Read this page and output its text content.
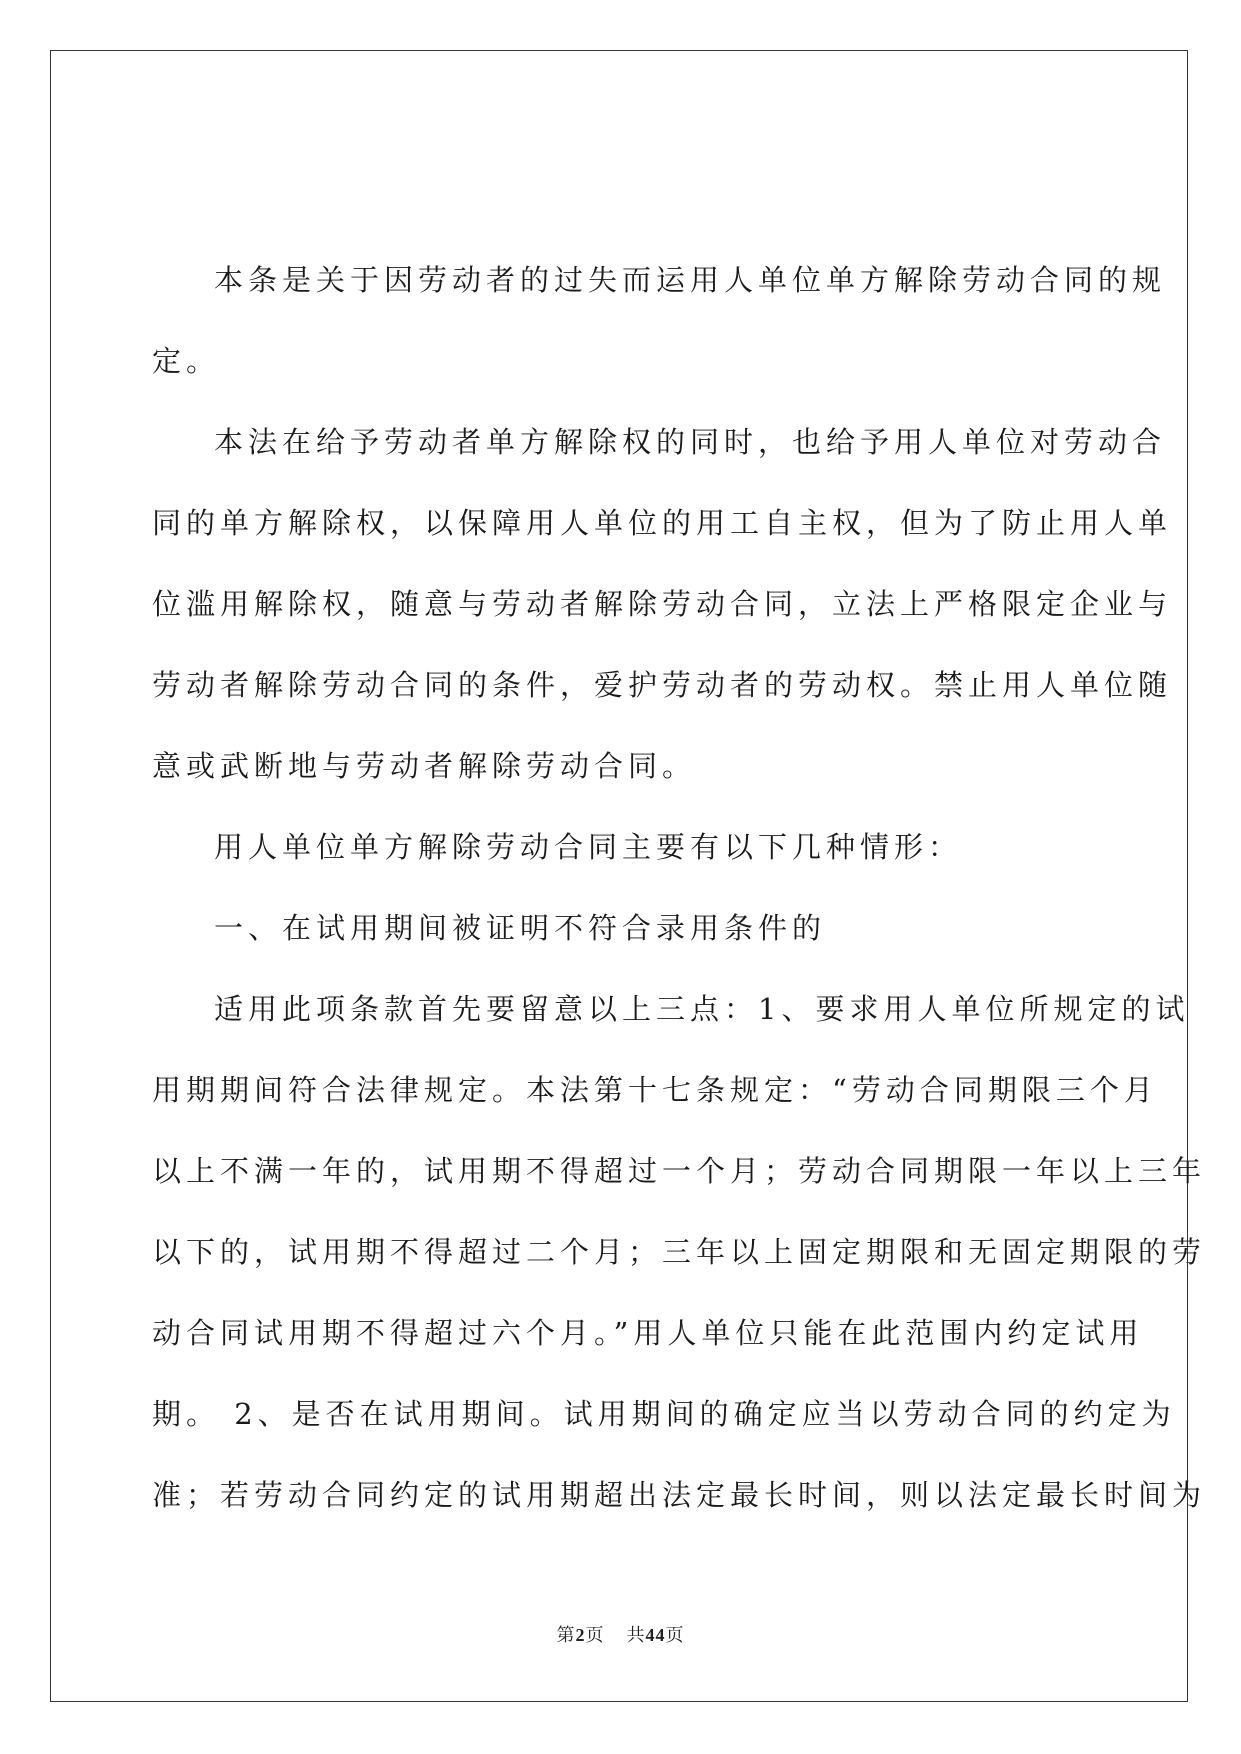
本条是关于因劳动者的过失而运用人单位单方解除劳动合同的规
定。

本法在给予劳动者单方解除权的同时，也给予用人单位对劳动合
同的单方解除权，以保障用人单位的用工自主权，但为了防止用人单
位滥用解除权，随意与劳动者解除劳动合同，立法上严格限定企业与
劳动者解除劳动合同的条件，爱护劳动者的劳动权。禁止用人单位随
意或武断地与劳动者解除劳动合同。

用人单位单方解除劳动合同主要有以下几种情形：

一、在试用期间被证明不符合录用条件的

适用此项条款首先要留意以上三点：1、要求用人单位所规定的试
用期期间符合法律规定。本法第十七条规定：“劳动合同期限三个月
以上不满一年的，试用期不得超过一个月；劳动合同期限一年以上三年
以下的，试用期不得超过二个月；三年以上固定期限和无固定期限的劳
动合同试用期不得超过六个月。”用人单位只能在此范围内约定试用
期。 2、是否在试用期间。试用期间的确定应当以劳动合同的约定为
准；若劳动合同约定的试用期超出法定最长时间，则以法定最长时间为

第2页 共44页
